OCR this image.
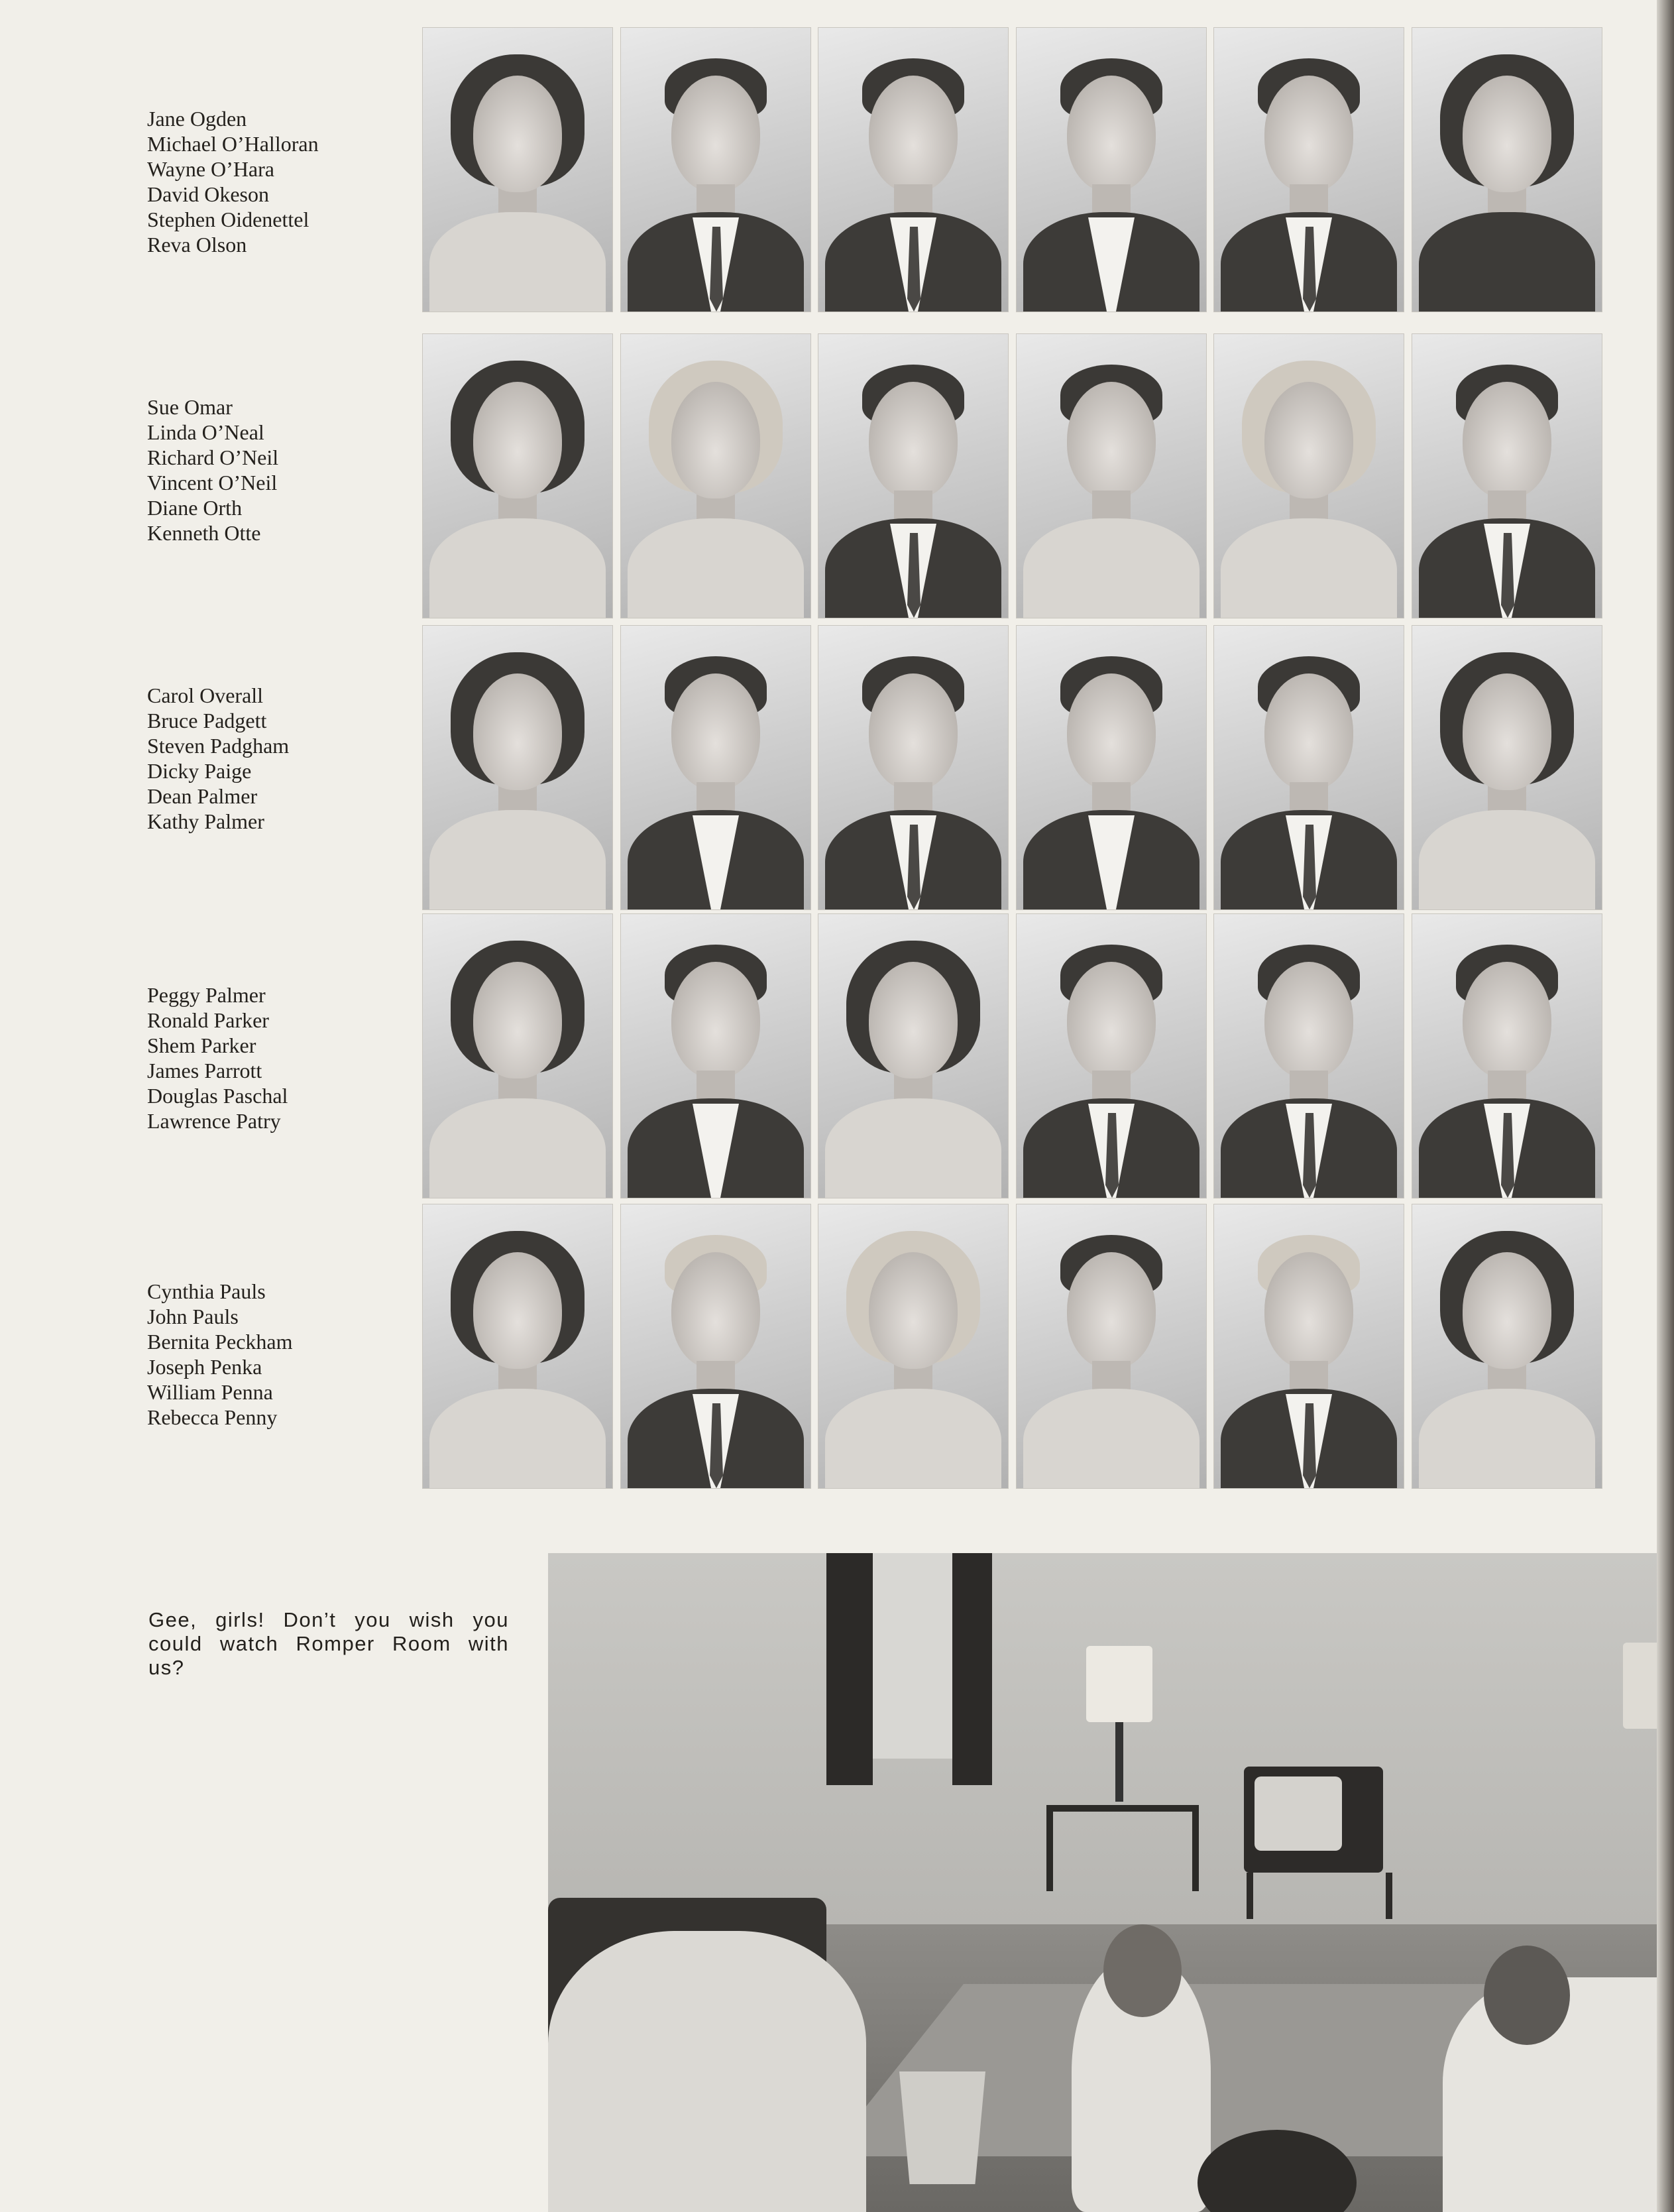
Jane Ogden
Michael O’Halloran
Wayne O’Hara
David Okeson
Stephen Oidenettel
Reva Olson
Sue Omar
Linda O’Neal
Richard O’Neil
Vincent O’Neil
Diane Orth
Kenneth Otte
Carol Overall
Bruce Padgett
Steven Padgham
Dicky Paige
Dean Palmer
Kathy Palmer
Peggy Palmer
Ronald Parker
Shem Parker
James Parrott
Douglas Paschal
Lawrence Patry
Cynthia Pauls
John Pauls
Bernita Peckham
Joseph Penka
William Penna
Rebecca Penny

Gee, girls! Don’t you wish you could watch Romper Room with us?
